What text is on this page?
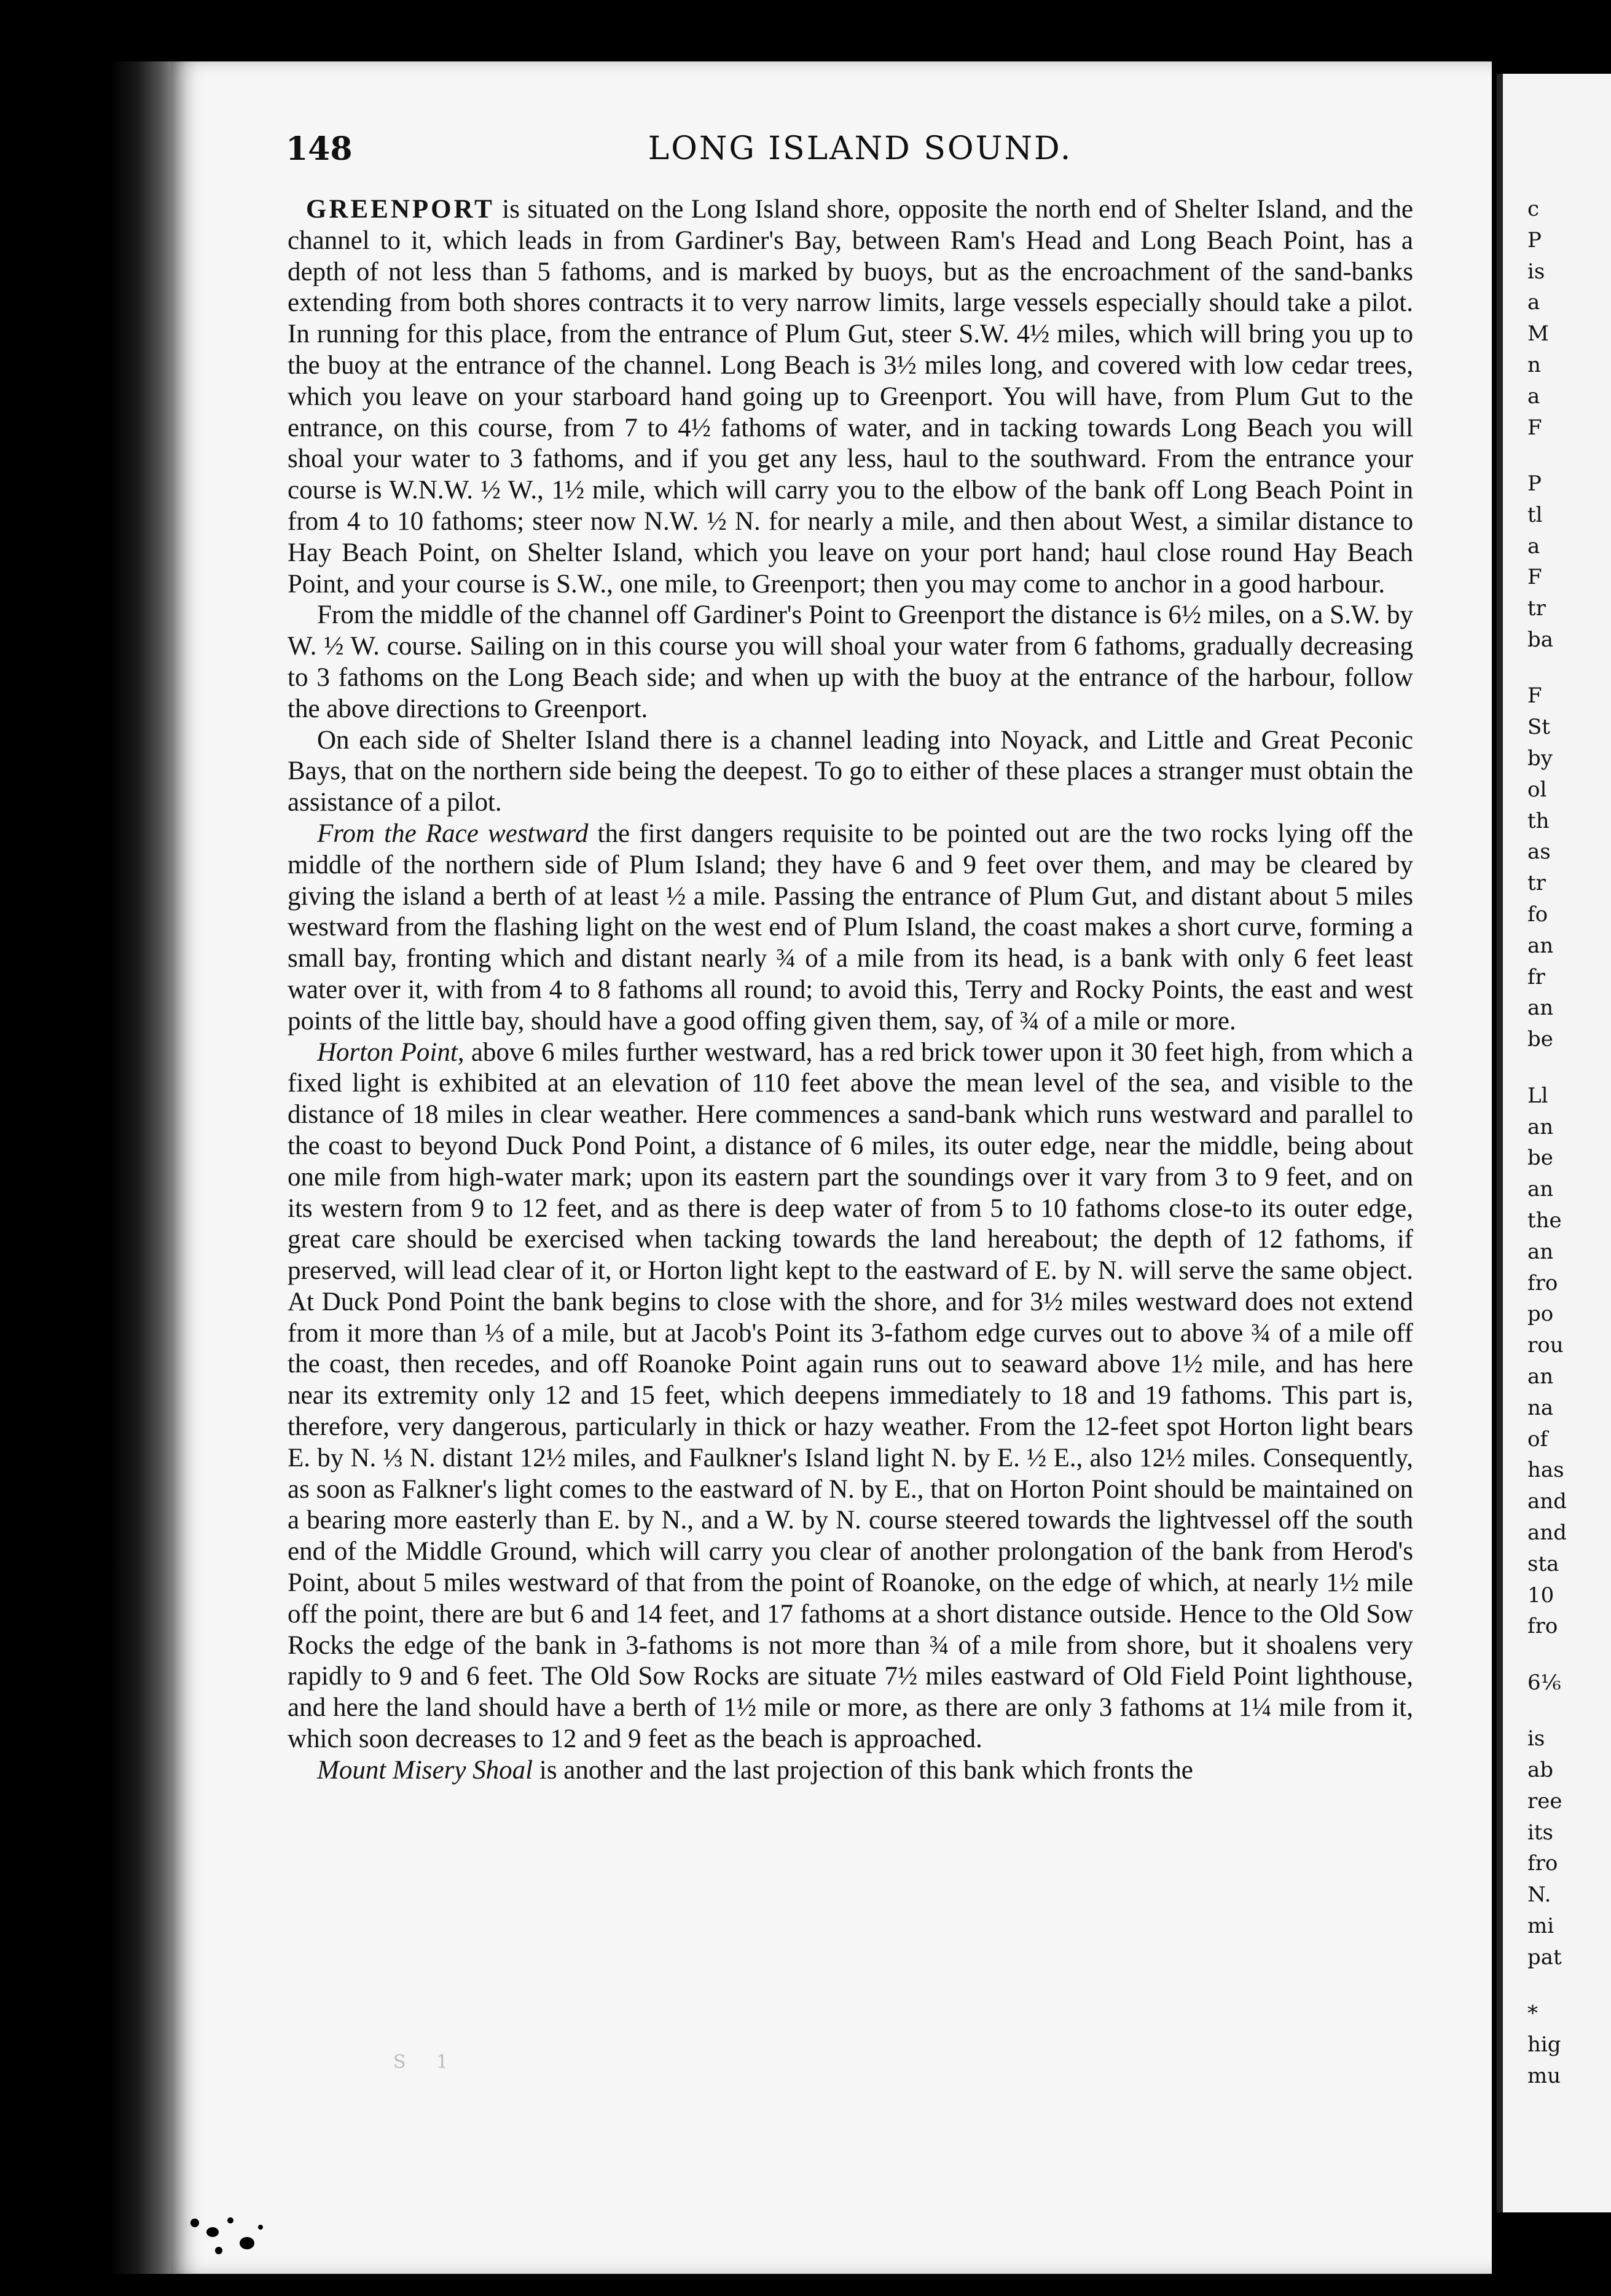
148	LONG ISLAND SOUND.

GREENPORT is situated on the Long Island shore, opposite the north end of Shelter Island, and the channel to it, which leads in from Gardiner's Bay, between Ram's Head and Long Beach Point, has a depth of not less than 5 fathoms, and is marked by buoys, but as the encroachment of the sand-banks extending from both shores contracts it to very narrow limits, large vessels especially should take a pilot. In running for this place, from the entrance of Plum Gut, steer S.W. 4½ miles, which will bring you up to the buoy at the entrance of the channel. Long Beach is 3½ miles long, and covered with low cedar trees, which you leave on your starboard hand going up to Greenport. You will have, from Plum Gut to the entrance, on this course, from 7 to 4½ fathoms of water, and in tacking towards Long Beach you will shoal your water to 3 fathoms, and if you get any less, haul to the southward. From the entrance your course is W.N.W. ½ W., 1½ mile, which will carry you to the elbow of the bank off Long Beach Point in from 4 to 10 fathoms; steer now N.W. ½ N. for nearly a mile, and then about West, a similar distance to Hay Beach Point, on Shelter Island, which you leave on your port hand; haul close round Hay Beach Point, and your course is S.W., one mile, to Greenport; then you may come to anchor in a good harbour.

From the middle of the channel off Gardiner's Point to Greenport the distance is 6½ miles, on a S.W. by W. ½ W. course. Sailing on in this course you will shoal your water from 6 fathoms, gradually decreasing to 3 fathoms on the Long Beach side; and when up with the buoy at the entrance of the harbour, follow the above directions to Greenport.

On each side of Shelter Island there is a channel leading into Noyack, and Little and Great Peconic Bays, that on the northern side being the deepest. To go to either of these places a stranger must obtain the assistance of a pilot.

From the Race westward the first dangers requisite to be pointed out are the two rocks lying off the middle of the northern side of Plum Island; they have 6 and 9 feet over them, and may be cleared by giving the island a berth of at least ½ a mile. Passing the entrance of Plum Gut, and distant about 5 miles westward from the flashing light on the west end of Plum Island, the coast makes a short curve, forming a small bay, fronting which and distant nearly ¾ of a mile from its head, is a bank with only 6 feet least water over it, with from 4 to 8 fathoms all round; to avoid this, Terry and Rocky Points, the east and west points of the little bay, should have a good offing given them, say, of ¾ of a mile or more.

Horton Point, above 6 miles further westward, has a red brick tower upon it 30 feet high, from which a fixed light is exhibited at an elevation of 110 feet above the mean level of the sea, and visible to the distance of 18 miles in clear weather. Here commences a sand-bank which runs westward and parallel to the coast to beyond Duck Pond Point, a distance of 6 miles, its outer edge, near the middle, being about one mile from high-water mark; upon its eastern part the soundings over it vary from 3 to 9 feet, and on its western from 9 to 12 feet, and as there is deep water of from 5 to 10 fathoms close-to its outer edge, great care should be exercised when tacking towards the land hereabout; the depth of 12 fathoms, if preserved, will lead clear of it, or Horton light kept to the eastward of E. by N. will serve the same object. At Duck Pond Point the bank begins to close with the shore, and for 3½ miles westward does not extend from it more than ⅓ of a mile, but at Jacob's Point its 3-fathom edge curves out to above ¾ of a mile off the coast, then recedes, and off Roanoke Point again runs out to seaward above 1½ mile, and has here near its extremity only 12 and 15 feet, which deepens immediately to 18 and 19 fathoms. This part is, therefore, very dangerous, particularly in thick or hazy weather. From the 12-feet spot Horton light bears E. by N. ⅓ N. distant 12½ miles, and Faulkner's Island light N. by E. ½ E., also 12½ miles. Consequently, as soon as Falkner's light comes to the eastward of N. by E., that on Horton Point should be maintained on a bearing more easterly than E. by N., and a W. by N. course steered towards the lightvessel off the south end of the Middle Ground, which will carry you clear of another prolongation of the bank from Herod's Point, about 5 miles westward of that from the point of Roanoke, on the edge of which, at nearly 1½ mile off the point, there are but 6 and 14 feet, and 17 fathoms at a short distance outside. Hence to the Old Sow Rocks the edge of the bank in 3-fathoms is not more than ¾ of a mile from shore, but it shoalens very rapidly to 9 and 6 feet. The Old Sow Rocks are situate 7½ miles eastward of Old Field Point lighthouse, and here the land should have a berth of 1½ mile or more, as there are only 3 fathoms at 1¼ mile from it, which soon decreases to 12 and 9 feet as the beach is approached.

Mount Misery Shoal is another and the last projection of this bank which fronts the

S 1
c
P
is
a
M
n
a
F
P
tl
a
F
tr
ba
F
St
by
ol
th
as
tr
fo
an
fr
an
be
Ll
an
be
an
the
an
fro
po
rou
an
na
of
has
and
and
sta
10
fro
6⅙
is
ab
ree
its
fro
N.
mi
pat
*
hig
mu
